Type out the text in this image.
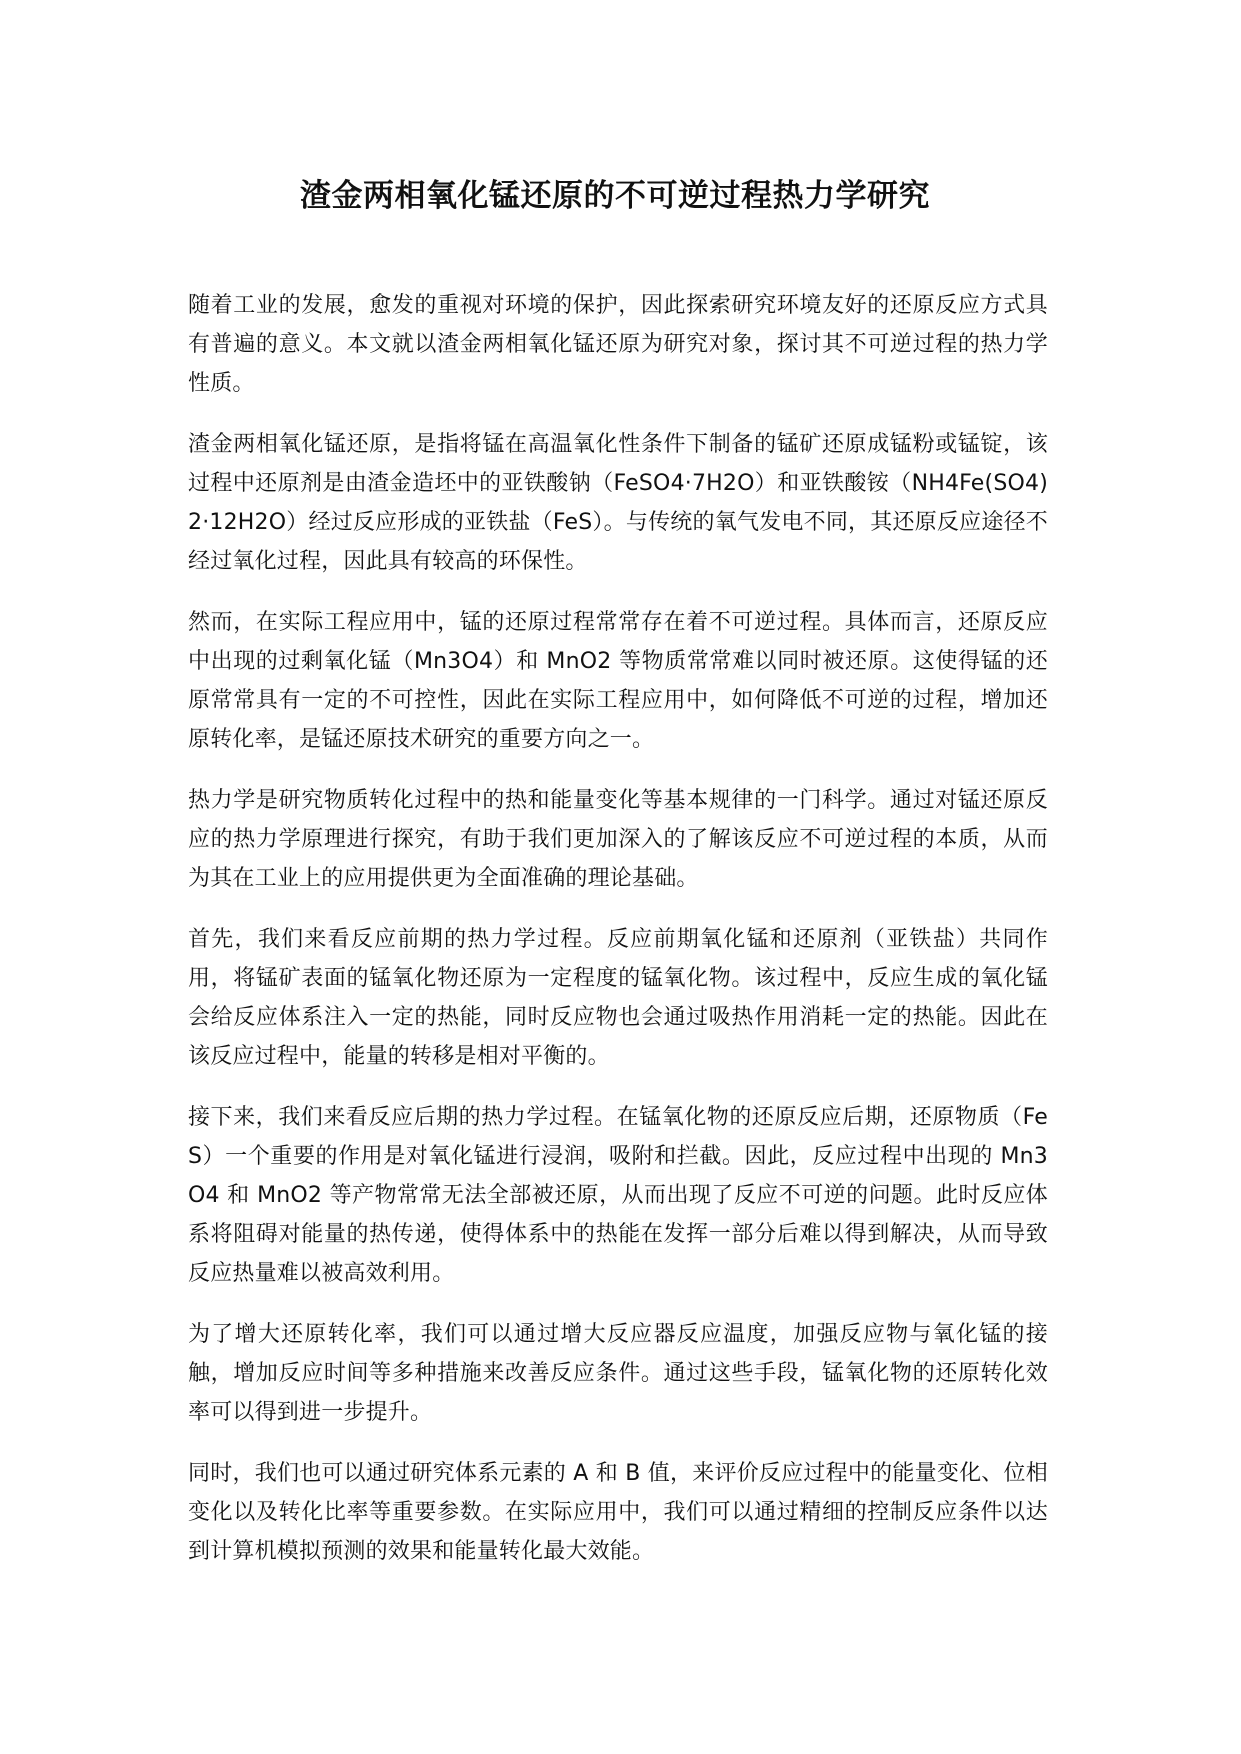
渣金两相氧化锰还原的不可逆过程热力学研究

随着工业的发展，愈发的重视对环境的保护，因此探索研究环境友好的还原反应方式具有普遍的意义。本文就以渣金两相氧化锰还原为研究对象，探讨其不可逆过程的热力学性质。

渣金两相氧化锰还原，是指将锰在高温氧化性条件下制备的锰矿还原成锰粉或锰锭，该过程中还原剂是由渣金造坯中的亚铁酸钠（FeSO4·7H2O）和亚铁酸铵（NH4Fe(SO4)2·12H2O）经过反应形成的亚铁盐（FeS）。与传统的氧气发电不同，其还原反应途径不经过氧化过程，因此具有较高的环保性。

然而，在实际工程应用中，锰的还原过程常常存在着不可逆过程。具体而言，还原反应中出现的过剩氧化锰（Mn3O4）和 MnO2 等物质常常难以同时被还原。这使得锰的还原常常具有一定的不可控性，因此在实际工程应用中，如何降低不可逆的过程，增加还原转化率，是锰还原技术研究的重要方向之一。

热力学是研究物质转化过程中的热和能量变化等基本规律的一门科学。通过对锰还原反应的热力学原理进行探究，有助于我们更加深入的了解该反应不可逆过程的本质，从而为其在工业上的应用提供更为全面准确的理论基础。

首先，我们来看反应前期的热力学过程。反应前期氧化锰和还原剂（亚铁盐）共同作用，将锰矿表面的锰氧化物还原为一定程度的锰氧化物。该过程中，反应生成的氧化锰会给反应体系注入一定的热能，同时反应物也会通过吸热作用消耗一定的热能。因此在该反应过程中，能量的转移是相对平衡的。

接下来，我们来看反应后期的热力学过程。在锰氧化物的还原反应后期，还原物质（FeS）一个重要的作用是对氧化锰进行浸润，吸附和拦截。因此，反应过程中出现的 Mn3O4 和 MnO2 等产物常常无法全部被还原，从而出现了反应不可逆的问题。此时反应体系将阻碍对能量的热传递，使得体系中的热能在发挥一部分后难以得到解决，从而导致反应热量难以被高效利用。

为了增大还原转化率，我们可以通过增大反应器反应温度，加强反应物与氧化锰的接触，增加反应时间等多种措施来改善反应条件。通过这些手段，锰氧化物的还原转化效率可以得到进一步提升。

同时，我们也可以通过研究体系元素的 A 和 B 值，来评价反应过程中的能量变化、位相变化以及转化比率等重要参数。在实际应用中，我们可以通过精细的控制反应条件以达到计算机模拟预测的效果和能量转化最大效能。
